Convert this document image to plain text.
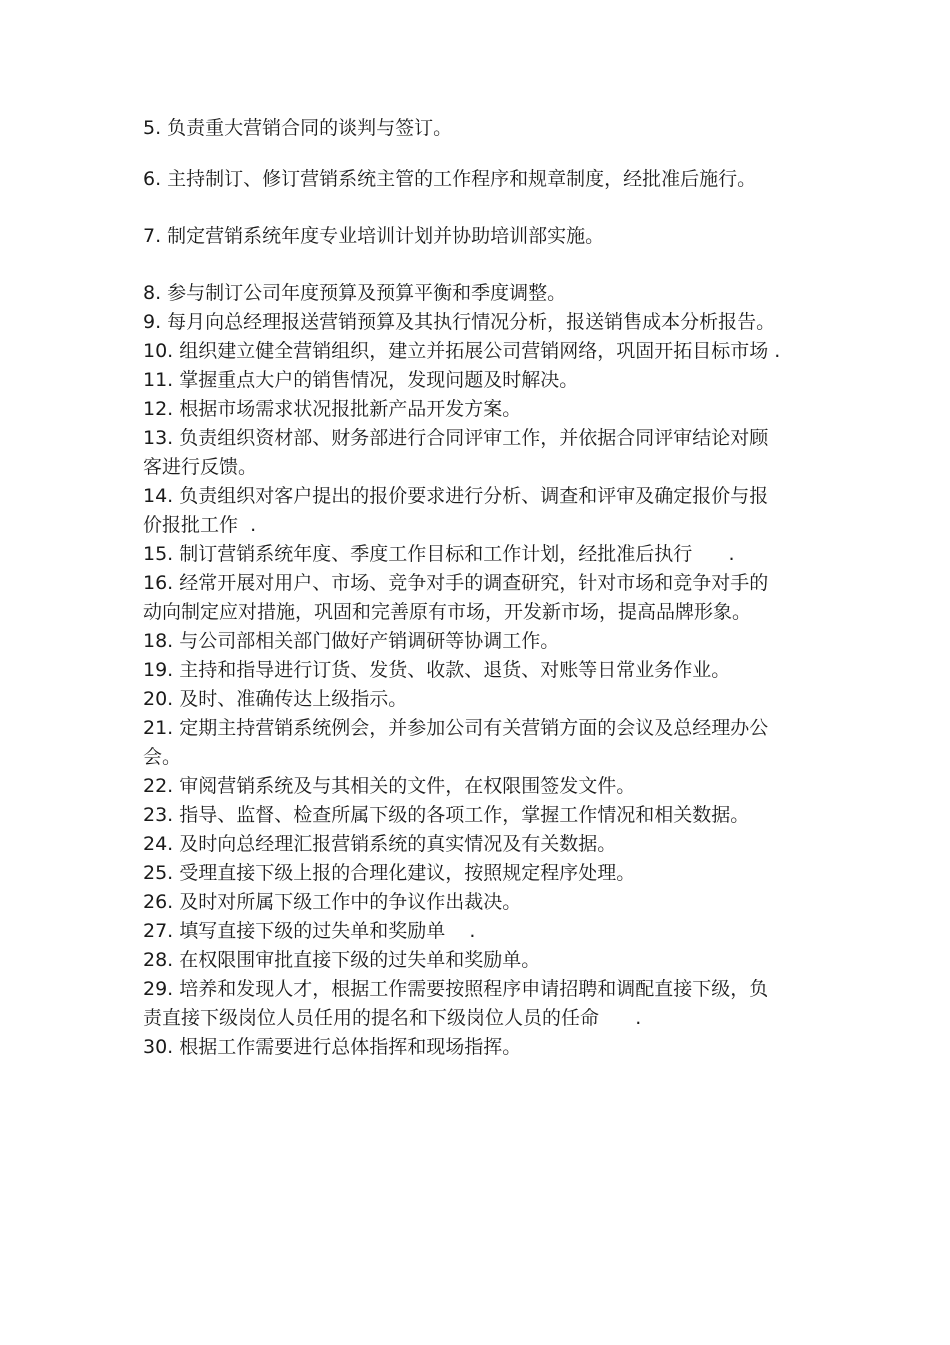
5. 负责重大营销合同的谈判与签订。

6. 主持制订、修订营销系统主管的工作程序和规章制度，经批准后施行。

7. 制定营销系统年度专业培训计划并协助培训部实施。

8. 参与制订公司年度预算及预算平衡和季度调整。

9. 每月向总经理报送营销预算及其执行情况分析，报送销售成本分析报告。

10. 组织建立健全营销组织，建立并拓展公司营销网络，巩固开拓目标市场 .

11. 掌握重点大户的销售情况，发现问题及时解决。

12. 根据市场需求状况报批新产品开发方案。

13. 负责组织资材部、财务部进行合同评审工作，并依据合同评审结论对顾客进行反馈。

14. 负责组织对客户提出的报价要求进行分析、调查和评审及确定报价与报价报批工作  .

15. 制订营销系统年度、季度工作目标和工作计划，经批准后执行      .

16. 经常开展对用户、市场、竞争对手的调查研究，针对市场和竞争对手的动向制定应对措施，巩固和完善原有市场，开发新市场，提高品牌形象。

18. 与公司部相关部门做好产销调研等协调工作。

19. 主持和指导进行订货、发货、收款、退货、对账等日常业务作业。

20. 及时、准确传达上级指示。

21. 定期主持营销系统例会，并参加公司有关营销方面的会议及总经理办公会。

22. 审阅营销系统及与其相关的文件，在权限围签发文件。

23. 指导、监督、检查所属下级的各项工作，掌握工作情况和相关数据。

24. 及时向总经理汇报营销系统的真实情况及有关数据。

25. 受理直接下级上报的合理化建议，按照规定程序处理。

26. 及时对所属下级工作中的争议作出裁决。

27. 填写直接下级的过失单和奖励单    .

28. 在权限围审批直接下级的过失单和奖励单。

29. 培养和发现人才，根据工作需要按照程序申请招聘和调配直接下级，负责直接下级岗位人员任用的提名和下级岗位人员的任命      .

30. 根据工作需要进行总体指挥和现场指挥。
